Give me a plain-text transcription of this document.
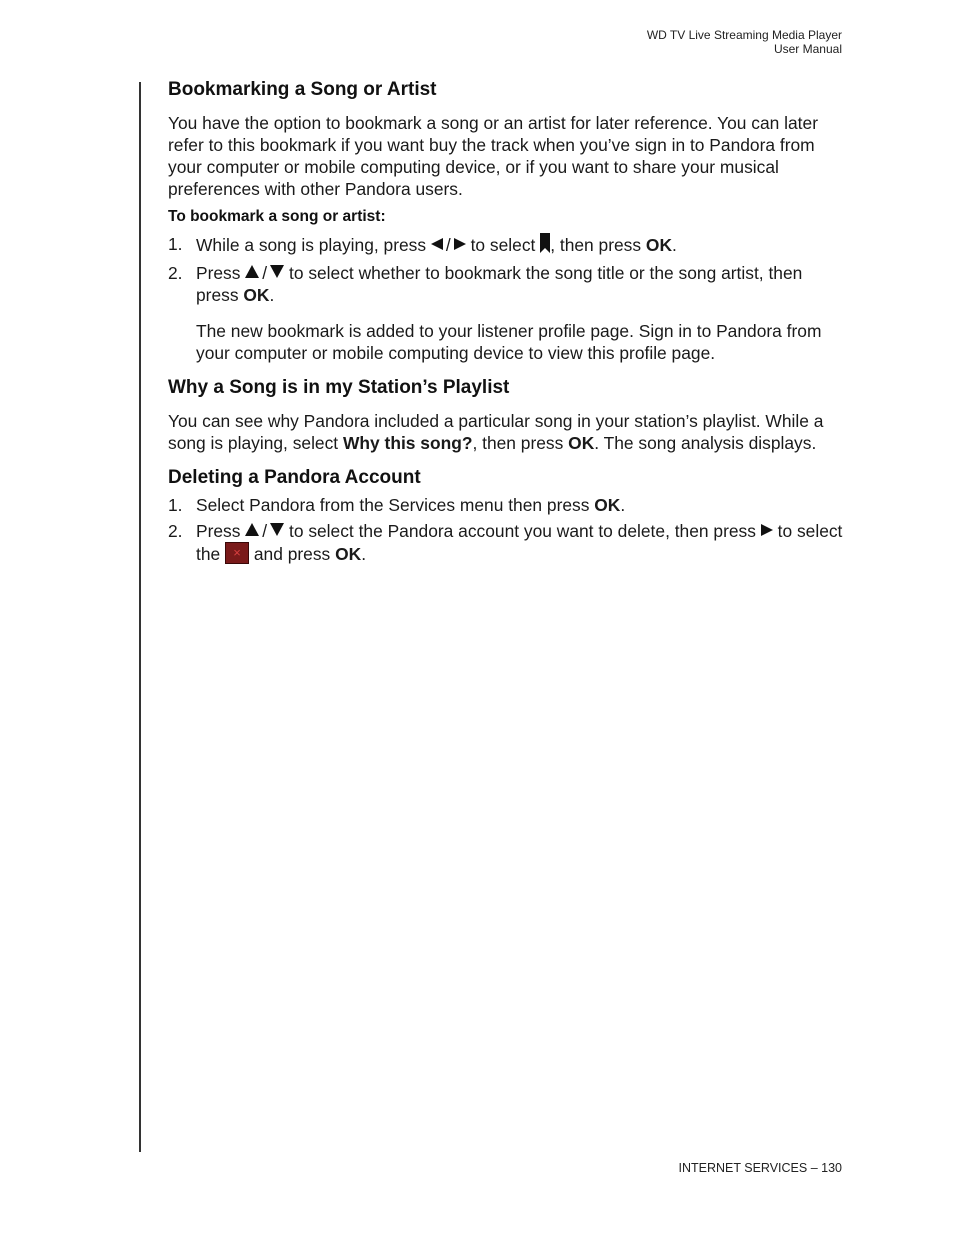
WD TV Live Streaming Media Player
User Manual
Bookmarking a Song or Artist

You have the option to bookmark a song or an artist for later reference. You can later refer to this bookmark if you want buy the track when you’ve sign in to Pandora from your computer or mobile computing device, or if you want to share your musical preferences with other Pandora users.

To bookmark a song or artist:

1. While a song is playing, press / to select , then press OK.
2. Press / to select whether to bookmark the song title or the song artist, then press OK.

The new bookmark is added to your listener profile page. Sign in to Pandora from your computer or mobile computing device to view this profile page.

Why a Song is in my Station’s Playlist

You can see why Pandora included a particular song in your station’s playlist. While a song is playing, select Why this song?, then press OK. The song analysis displays.

Deleting a Pandora Account
1. Select Pandora from the Services menu then press OK.
2. Press / to select the Pandora account you want to delete, then press to select the × and press OK.
INTERNET SERVICES – 130
